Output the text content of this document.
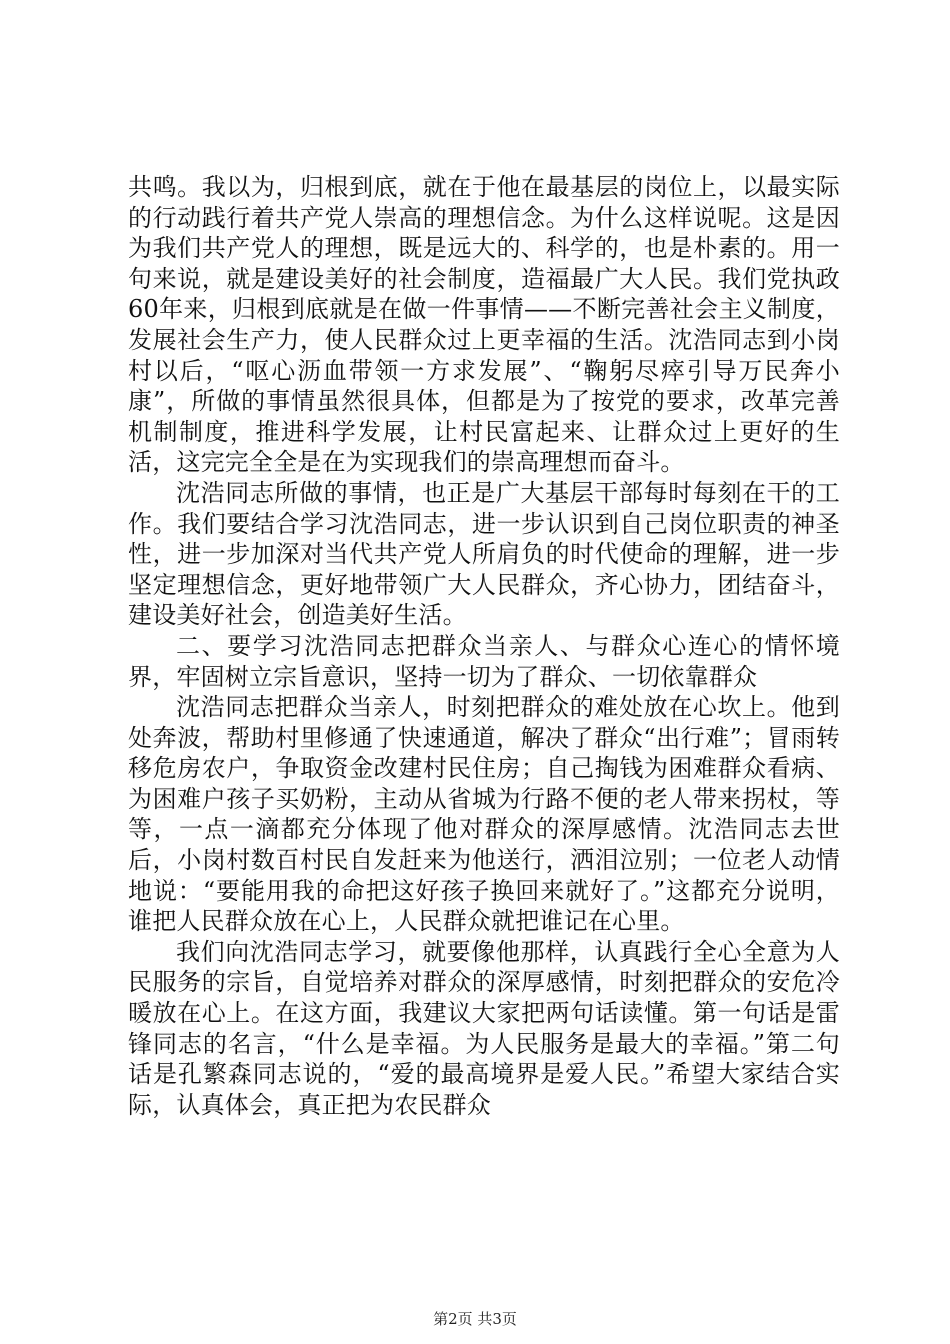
共鸣。我以为，归根到底，就在于他在最基层的岗位上，以最实际的行动践行着共产党人崇高的理想信念。为什么这样说呢。这是因为我们共产党人的理想，既是远大的、科学的，也是朴素的。用一句来说，就是建设美好的社会制度，造福最广大人民。我们党执政60年来，归根到底就是在做一件事情——不断完善社会主义制度，发展社会生产力，使人民群众过上更幸福的生活。沈浩同志到小岗村以后，“呕心沥血带领一方求发展”、“鞠躬尽瘁引导万民奔小康”，所做的事情虽然很具体，但都是为了按党的要求，改革完善机制制度，推进科学发展，让村民富起来、让群众过上更好的生活，这完完全全是在为实现我们的崇高理想而奋斗。

沈浩同志所做的事情，也正是广大基层干部每时每刻在干的工作。我们要结合学习沈浩同志，进一步认识到自己岗位职责的神圣性，进一步加深对当代共产党人所肩负的时代使命的理解，进一步坚定理想信念，更好地带领广大人民群众，齐心协力，团结奋斗，建设美好社会，创造美好生活。

二、要学习沈浩同志把群众当亲人、与群众心连心的情怀境界，牢固树立宗旨意识，坚持一切为了群众、一切依靠群众

沈浩同志把群众当亲人，时刻把群众的难处放在心坎上。他到处奔波，帮助村里修通了快速通道，解决了群众“出行难”；冒雨转移危房农户，争取资金改建村民住房；自己掏钱为困难群众看病、为困难户孩子买奶粉，主动从省城为行路不便的老人带来拐杖，等等，一点一滴都充分体现了他对群众的深厚感情。沈浩同志去世后，小岗村数百村民自发赶来为他送行，洒泪泣别；一位老人动情地说：“要能用我的命把这好孩子换回来就好了。”这都充分说明，谁把人民群众放在心上，人民群众就把谁记在心里。

我们向沈浩同志学习，就要像他那样，认真践行全心全意为人民服务的宗旨，自觉培养对群众的深厚感情，时刻把群众的安危冷暖放在心上。在这方面，我建议大家把两句话读懂。第一句话是雷锋同志的名言，“什么是幸福。为人民服务是最大的幸福。”第二句话是孔繁森同志说的，“爱的最高境界是爱人民。”希望大家结合实际，认真体会，真正把为农民群众

第2页 共3页
